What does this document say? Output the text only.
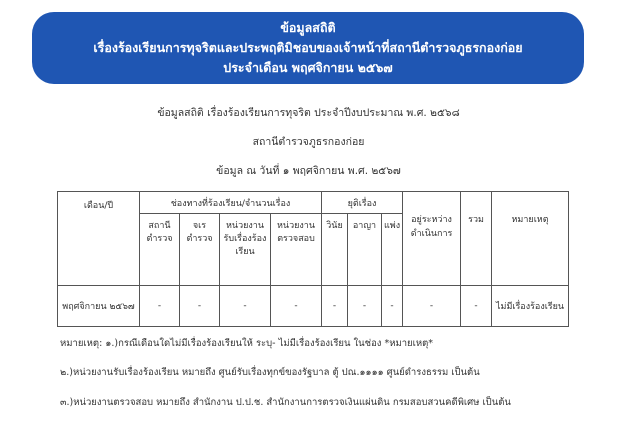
ข้อมูลสถิติ
เรื่องร้องเรียนการทุจริตและประพฤติมิชอบของเจ้าหน้าที่สถานีตำรวจภูธรกองก่อย
ประจำเดือน พฤศจิกายน ๒๕๖๗
ข้อมูลสถิติ เรื่องร้องเรียนการทุจริต ประจำปีงบประมาณ พ.ศ. ๒๕๖๘
สถานีตำรวจภูธรกองก่อย
ข้อมูล ณ วันที่ ๑ พฤศจิกายน พ.ศ. ๒๕๖๗
เดือน/ปี	ช่องทางที่ร้องเรียน/จำนวนเรื่อง				ยุติเรื่อง			อยู่ระหว่างดำเนินการ	รวม	หมายเหตุ
	สถานีตำรวจ	จเรตำรวจ	หน่วยงานรับเรื่องร้องเรียน	หน่วยงานตรวจสอบ	วินัย	อาญา	แพ่ง			
พฤศจิกายน ๒๕๖๗	-	-	-	-	-	-	-	-	-	ไม่มีเรื่องร้องเรียน
หมายเหตุ: ๑.)กรณีเดือนใดไม่มีเรื่องร้องเรียนให้ ระบุ- ไม่มีเรื่องร้องเรียน ในช่อง *หมายเหตุ*
๒.)หน่วยงานรับเรื่องร้องเรียน หมายถึง ศูนย์รับเรื่องทุกข์ของรัฐบาล ตู้ ปณ.๑๑๑๑ ศูนย์ดำรงธรรม เป็นต้น
๓.)หน่วยงานตรวจสอบ หมายถึง สำนักงาน ป.ป.ช. สำนักงานการตรวจเงินแผ่นดิน กรมสอบสวนคดีพิเศษ เป็นต้น
